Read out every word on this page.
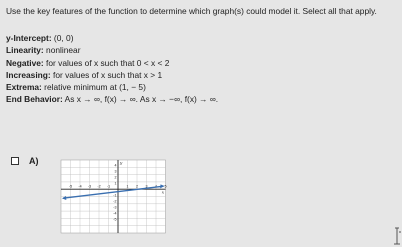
Use the key features of the function to determine which graph(s) could model it. Select all that apply.
y-Intercept: (0, 0)
Linearity: nonlinear
Negative: for values of x such that 0 < x < 2
Increasing: for values of x such that x > 1
Extrema: relative minimum at (1, − 5)
End Behavior: As x → ∞, f(x) → ∞. As x → −∞, f(x) → ∞.
A)
-5 -4 -3 -2 -1	1 2 3	5
4
3
2
1
-1
-2
-3
-4
-5
x
y
